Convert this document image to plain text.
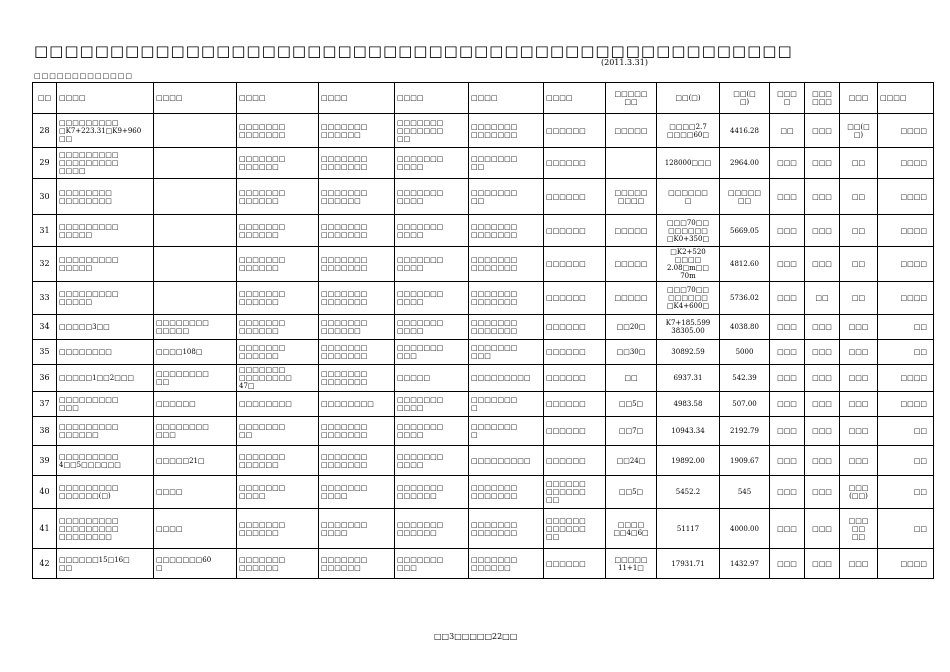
□□□□□□□□□□□□□□□□□□□□□□□□□□□□□□□□□□□□□□□□□□□□□□□□□□
(2011.3.31)
□□□□□□□□□□□□□
□□	□□□□	□□□□	□□□□	□□□□	□□□□	□□□□	□□□□	□□□□□
□□	□□(□)	□□(□
□)	□□□
□	□□□
□□□	□□□	□□□□
28	□□□□□□□□□
□K7+223.31□K9+960
□□		□□□□□□□
□□□□□□□	□□□□□□□
□□□□□□	□□□□□□□
□□□□□□□
□□	□□□□□□□
□□□□□□□	□□□□□□	□□□□□	□□□□2.7
□□□□60□	4416.28	□□	□□□	□□(□
□)	□□□□
29	□□□□□□□□□
□□□□□□□□□
□□□□		□□□□□□□
□□□□□□	□□□□□□□
□□□□□□□	□□□□□□□
□□□□	□□□□□□□
□□	□□□□□□		128000□□□	2964.00	□□□	□□□	□□	□□□□
30	□□□□□□□□
□□□□□□□□		□□□□□□□
□□□□□□	□□□□□□□
□□□□□□	□□□□□□□
□□□□	□□□□□□□
□□	□□□□□□	□□□□□
□□□□	□□□□□□
□	□□□□□
□□	□□□	□□□	□□	□□□□
31	□□□□□□□□□
□□□□□		□□□□□□□
□□□□□□	□□□□□□□
□□□□□□□	□□□□□□□
□□□□	□□□□□□□
□□□□□□□	□□□□□□	□□□□□	□□□70□□
□□□□□□
□K0+350□	5669.05	□□□	□□□	□□	□□□□
32	□□□□□□□□□
□□□□□		□□□□□□□
□□□□□□	□□□□□□□
□□□□□□□	□□□□□□□
□□□□	□□□□□□□
□□□□□□□	□□□□□□	□□□□□	□K2+520
□□□□
2.08□m□□
70m	4812.60	□□□	□□□	□□	□□□□
33	□□□□□□□□□
□□□□□		□□□□□□□
□□□□□□	□□□□□□□
□□□□□□□	□□□□□□□
□□□□	□□□□□□□
□□□□□□□	□□□□□□	□□□□□	□□□70□□
□□□□□□
□K4+600□	5736.02	□□□	□□	□□	□□□□
34	□□□□□3□□	□□□□□□□□
□□□□□	□□□□□□□
□□□□□□	□□□□□□□
□□□□□□	□□□□□□□
□□□□	□□□□□□□
□□□□□□□	□□□□□□	□□20□	K7+185.599
38305.00	4038.80	□□□	□□□	□□□	□□
35	□□□□□□□□	□□□□108□	□□□□□□□
□□□□□□	□□□□□□□
□□□□□□□	□□□□□□□
□□□	□□□□□□□
□□□	□□□□□□	□□30□	30892.59	5000	□□□	□□□	□□□	□□
36	□□□□□1□□2□□□	□□□□□□□□
□□	□□□□□□□
□□□□□□□□
47□	□□□□□□□
□□□□□□□	□□□□□	□□□□□□□□□	□□□□□□	□□	6937.31	542.39	□□□	□□□	□□□	□□□□
37	□□□□□□□□□
□□□	□□□□□□	□□□□□□□□	□□□□□□□□	□□□□□□□
□□□□	□□□□□□□
□	□□□□□□	□□5□	4983.58	507.00	□□□	□□□	□□□	□□□□
38	□□□□□□□□□
□□□□□□	□□□□□□□□
□□□	□□□□□□□
□□	□□□□□□□
□□□□□□□	□□□□□□□
□□□□	□□□□□□□
□	□□□□□□	□□7□	10943.34	2192.79	□□□	□□□	□□□	□□
39	□□□□□□□□□
4□□5□□□□□□	□□□□□21□	□□□□□□□
□□□□□□	□□□□□□□
□□□□□□□	□□□□□□□
□□□□	□□□□□□□□□	□□□□□□	□□24□	19892.00	1909.67	□□□	□□□	□□□	□□
40	□□□□□□□□□
□□□□□□(□)	□□□□	□□□□□□□
□□□□	□□□□□□□
□□□□	□□□□□□□
□□□□□□	□□□□□□□
□□□□□□□	□□□□□□
□□□□□□
□□	□□5□	5452.2	545	□□□	□□□	□□□
(□□)	□□
41	□□□□□□□□□
□□□□□□□□□
□□□□□□□□	□□□□	□□□□□□□
□□□□□□	□□□□□□□
□□□□	□□□□□□□
□□□□□□	□□□□□□□
□□□□□□□	□□□□□□
□□□□□□
□□	□□□□
□□4□6□	51117	4000.00	□□□	□□□	□□□
□□
□□	□□
42	□□□□□□15□16□
□□	□□□□□□□60
□	□□□□□□□
□□□□□□	□□□□□□□
□□□□□□	□□□□□□□
□□□	□□□□□□□
□□□□□□	□□□□□□	□□□□□
11+1□	17931.71	1432.97	□□□	□□□	□□□	□□□□
□□3□□□□□22□□
